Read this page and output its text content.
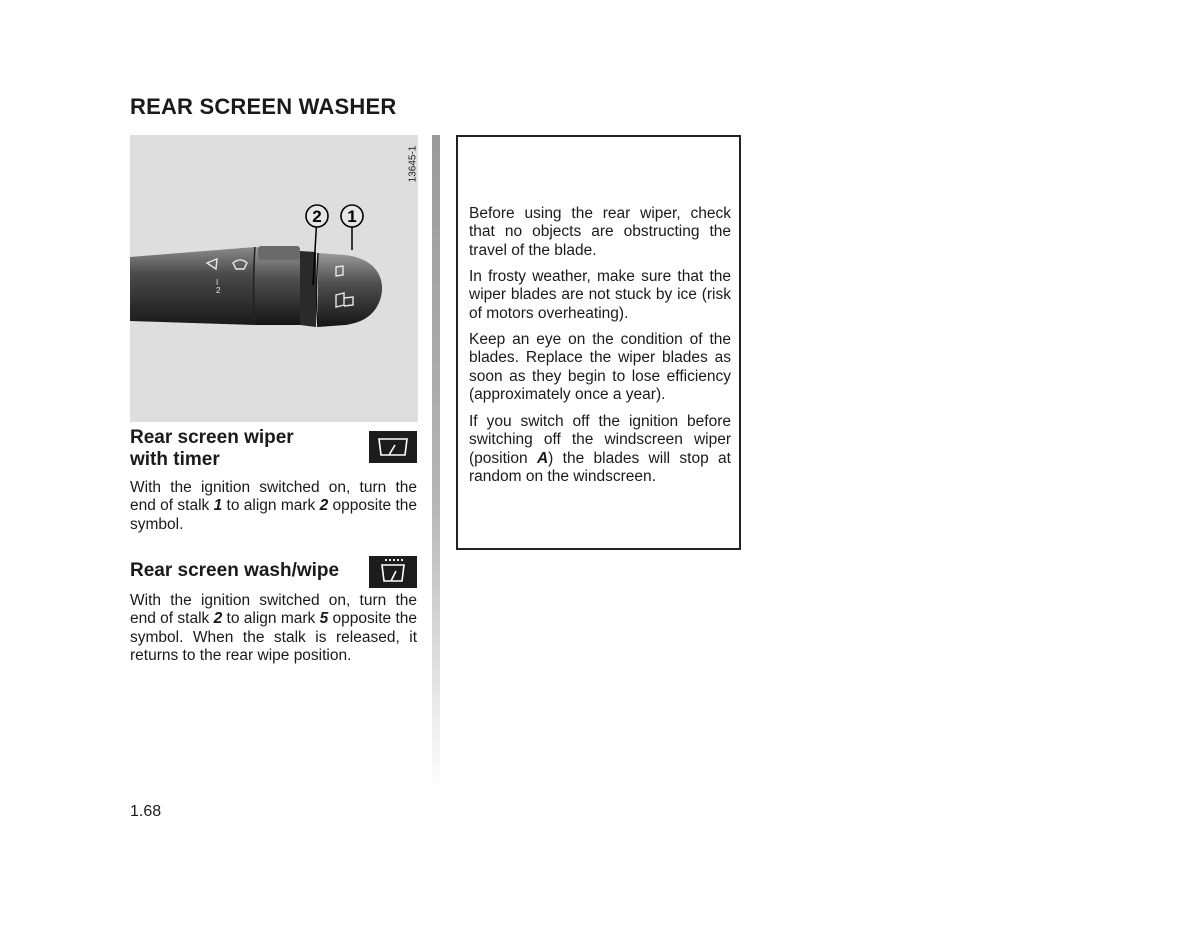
REAR SCREEN WASHER
2 1
I
2
13645-1
Rear screen wiper
with timer

With the ignition switched on, turn the end of stalk 1 to align mark 2 opposite the symbol.

Rear screen wash/wipe

With the ignition switched on, turn the end of stalk 2 to align mark 5 opposite the symbol. When the stalk is released, it returns to the rear wipe position.

Before using the rear wiper, check that no objects are obstructing the travel of the blade.

In frosty weather, make sure that the wiper blades are not stuck by ice (risk of motors overheating).

Keep an eye on the condition of the blades. Replace the wiper blades as soon as they begin to lose efficiency (approximately once a year).

If you switch off the ignition before switching off the windscreen wiper (position A) the blades will stop at random on the windscreen.

1.68
